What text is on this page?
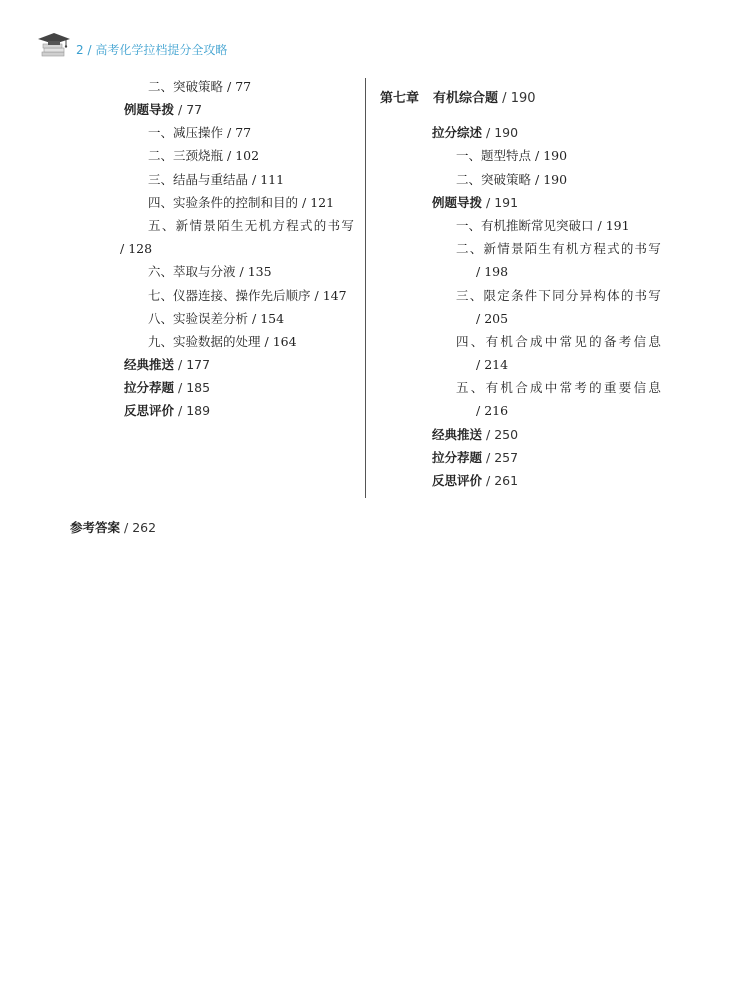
2 / 高考化学拉档提分全攻略
二、突破策略 / 77
例题导拨 / 77
一、减压操作 / 77
二、三颈烧瓶 / 102
三、结晶与重结晶 / 111
四、实验条件的控制和目的 / 121
五 、 新 情 景 陌 生 无 机 方 程 式 的 书 写
/ 128
六、萃取与分液 / 135
七、仪器连接、操作先后顺序 / 147
八、实验误差分析 / 154
九、实验数据的处理 / 164
经典推送 / 177
拉分荐题 / 185
反思评价 / 189
第七章 有机综合题 / 190
拉分综述 / 190
一、题型特点 / 190
二、突破策略 / 190
例题导拨 / 191
一、有机推断常见突破口 / 191
二 、 新 情 景 陌 生 有 机 方 程 式 的 书 写
/ 198
三 、 限 定 条 件 下 同 分 异 构 体 的 书 写
/ 205
四 、 有 机 合 成 中 常 见 的 备 考 信 息
/ 214
五 、 有 机 合 成 中 常 考 的 重 要 信 息
/ 216
经典推送 / 250
拉分荐题 / 257
反思评价 / 261
参考答案 / 262
